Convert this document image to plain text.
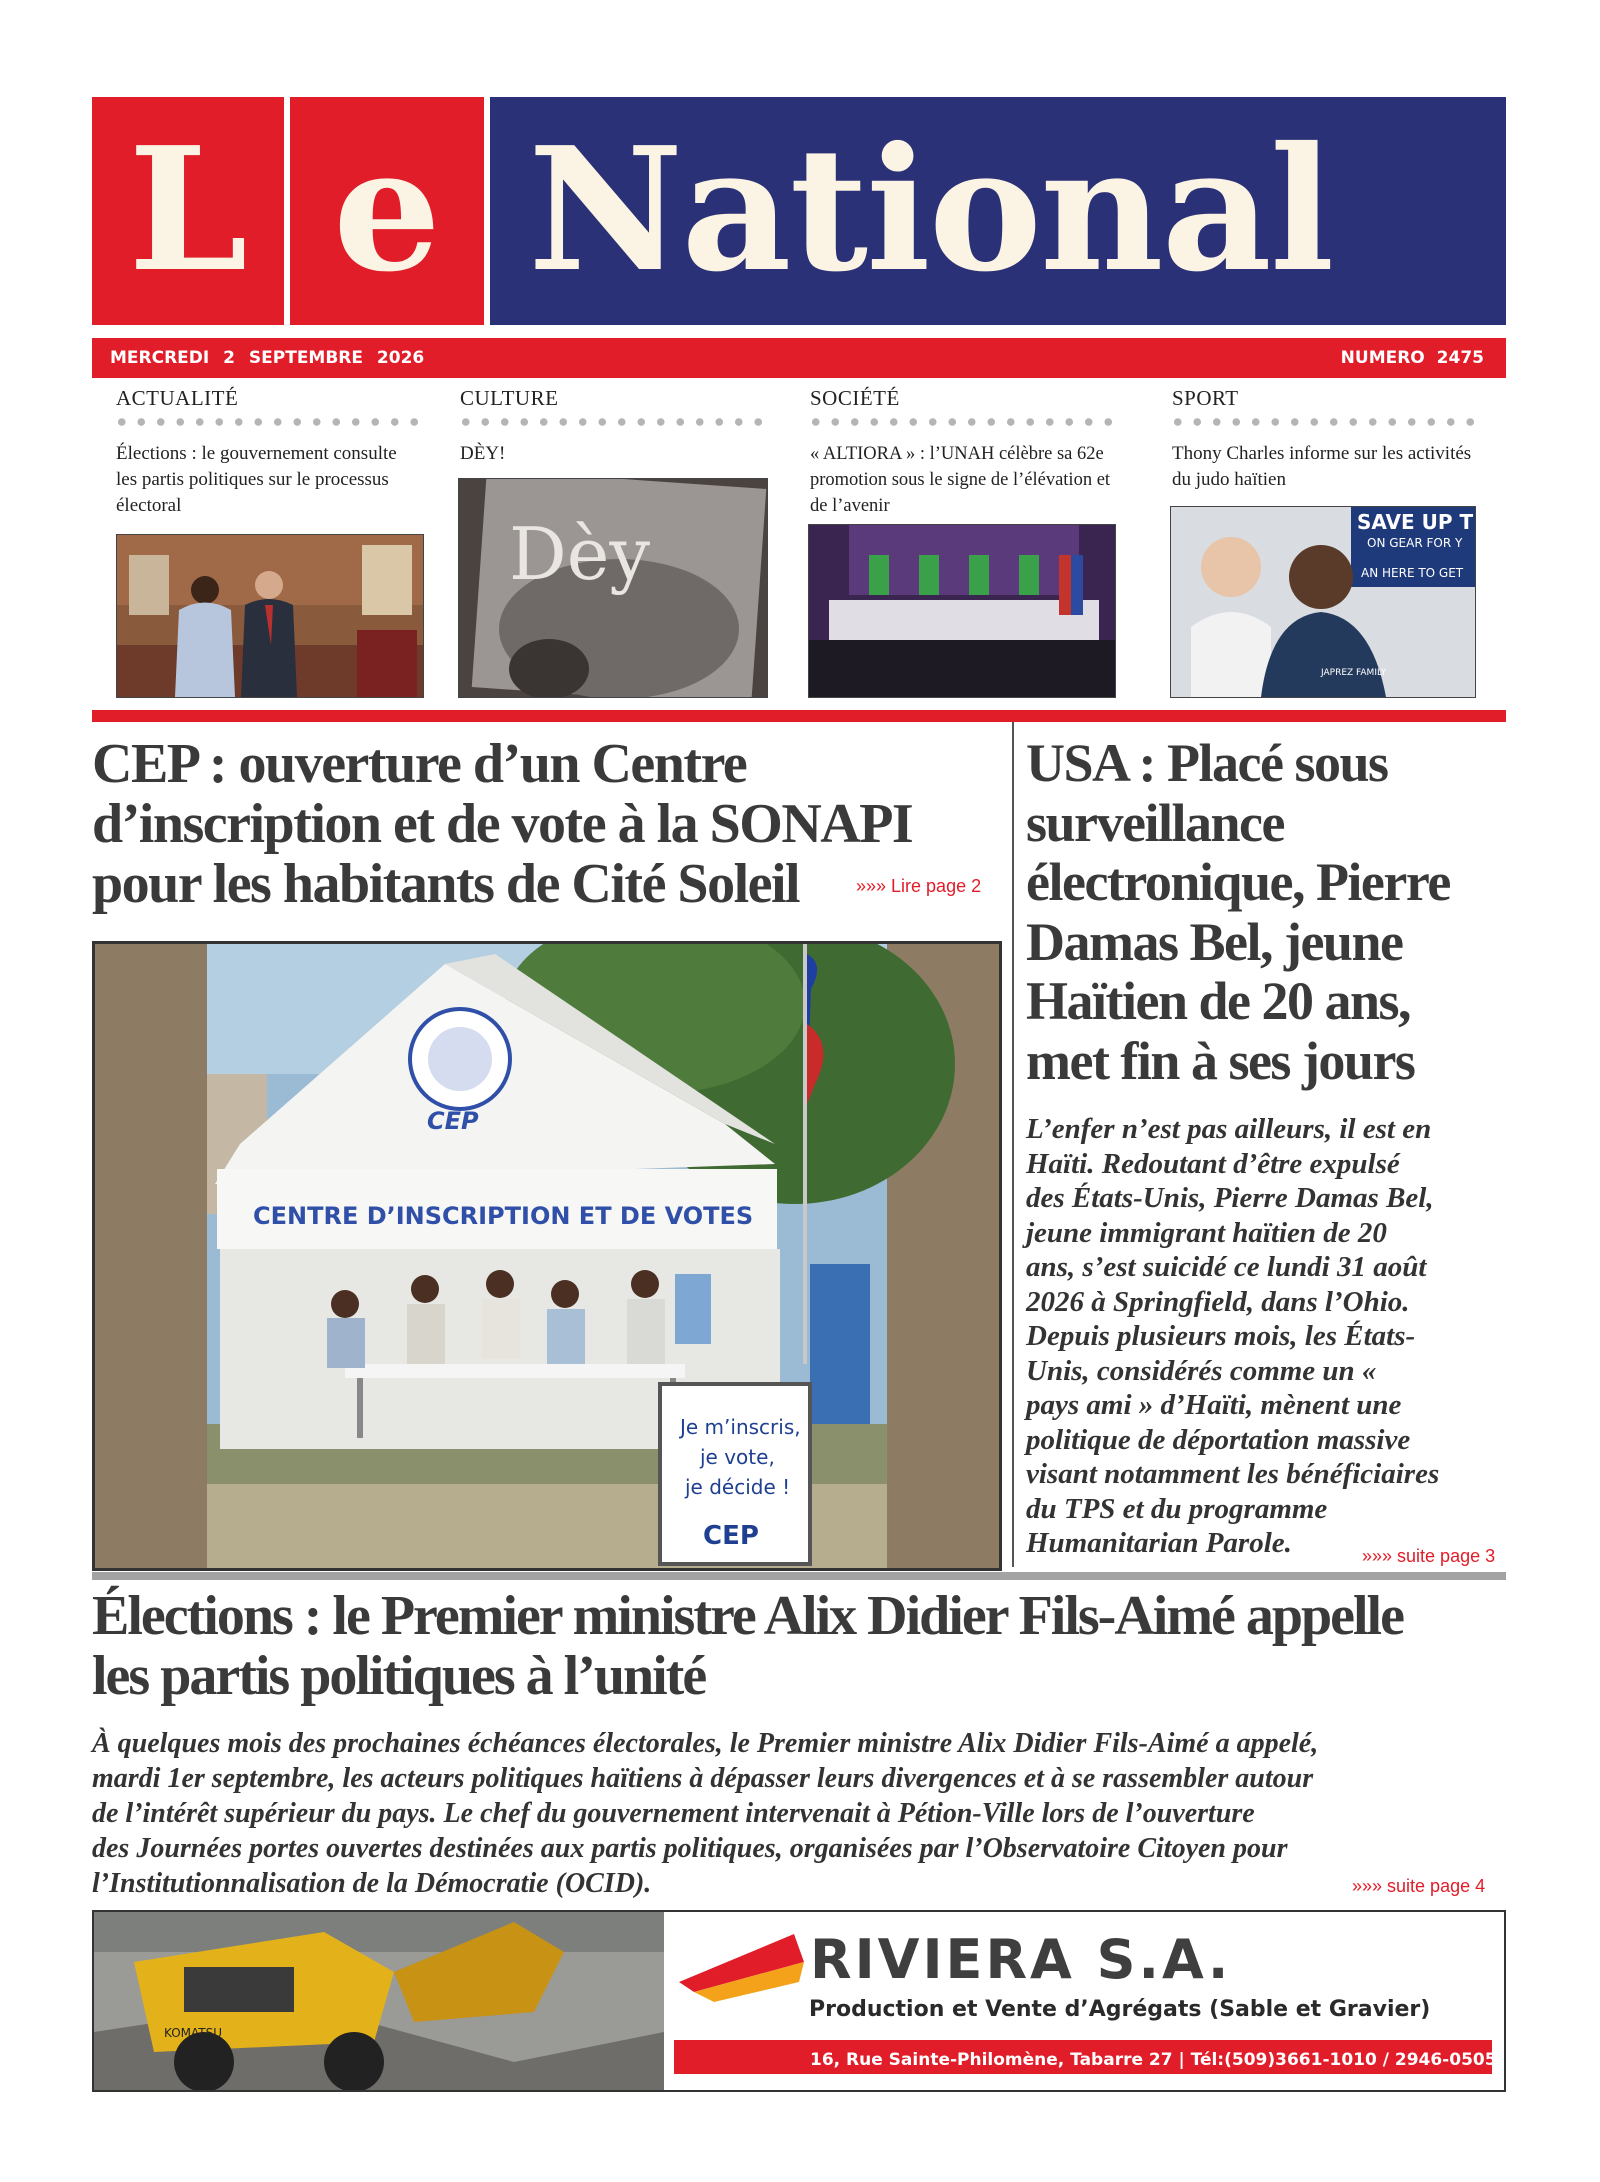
L e National
MERCREDI 2 SEPTEMBRE 2026	NUMERO 2475
ACTUALITÉ
Élections : le gouvernement consulte les partis politiques sur le processus électoral
CULTURE
DÈY!
Dèy
SOCIÉTÉ
« ALTIORA » : l’UNAH célèbre sa 62e promotion sous le signe de l’élévation et de l’avenir
SPORT
Thony Charles informe sur les activités du judo haïtien
SAVE UP T
ON GEAR FOR Y
AN HERE TO GET
JAPREZ FAMILY
CEP : ouverture d’un Centre
d’inscription et de vote à la SONAPI
pour les habitants de Cité Soleil	»»» Lire page 2
CEP
CENTRE D’INSCRIPTION ET DE VOTES
Je m’inscris,
je vote,
je décide !
CEP
USA : Placé sous
surveillance
électronique, Pierre
Damas Bel, jeune
Haïtien de 20 ans,
met fin à ses jours
L’enfer n’est pas ailleurs, il est en
Haïti. Redoutant d’être expulsé
des États-Unis, Pierre Damas Bel,
jeune immigrant haïtien de 20
ans, s’est suicidé ce lundi 31 août
2026 à Springfield, dans l’Ohio.
Depuis plusieurs mois, les États-
Unis, considérés comme un «
pays ami » d’Haïti, mènent une
politique de déportation massive
visant notamment les bénéficiaires
du TPS et du programme
Humanitarian Parole.	»»» suite page 3
Élections : le Premier ministre Alix Didier Fils-Aimé appelle
les partis politiques à l’unité
À quelques mois des prochaines échéances électorales, le Premier ministre Alix Didier Fils-Aimé a appelé,
mardi 1er septembre, les acteurs politiques haïtiens à dépasser leurs divergences et à se rassembler autour
de l’intérêt supérieur du pays. Le chef du gouvernement intervenait à Pétion-Ville lors de l’ouverture
des Journées portes ouvertes destinées aux partis politiques, organisées par l’Observatoire Citoyen pour
l’Institutionnalisation de la Démocratie (OCID).	»»» suite page 4
KOMATSU
RIVIERA S.A.
Production et Vente d’Agrégats (Sable et Gravier)
16, Rue Sainte-Philomène, Tabarre 27 | Tél:(509)3661-1010 / 2946-0505
